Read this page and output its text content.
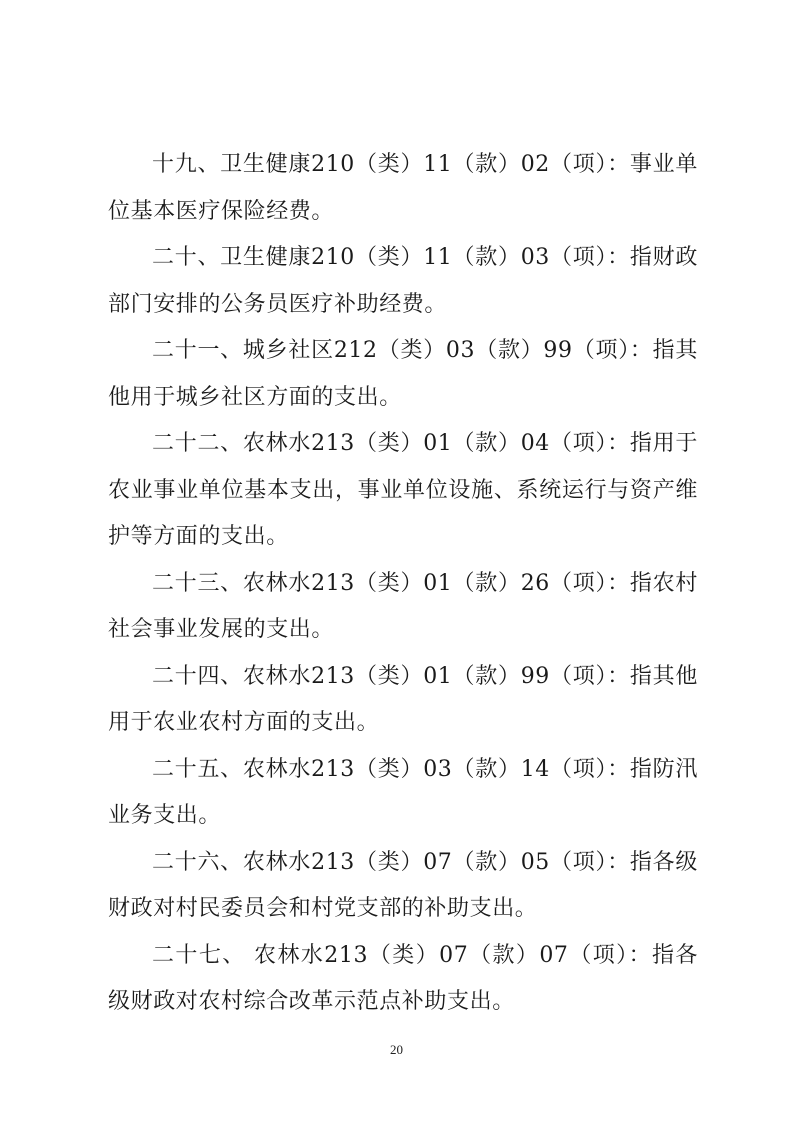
十九、卫生健康210（类）11（款）02（项）：事业单位基本医疗保险经费。

二十、卫生健康210（类）11（款）03（项）：指财政部门安排的公务员医疗补助经费。

二十一、城乡社区212（类）03（款）99（项）：指其他用于城乡社区方面的支出。

二十二、农林水213（类）01（款）04（项）：指用于农业事业单位基本支出，事业单位设施、系统运行与资产维护等方面的支出。

二十三、农林水213（类）01（款）26（项）：指农村社会事业发展的支出。

二十四、农林水213（类）01（款）99（项）：指其他用于农业农村方面的支出。

二十五、农林水213（类）03（款）14（项）：指防汛业务支出。

二十六、农林水213（类）07（款）05（项）：指各级财政对村民委员会和村党支部的补助支出。

二十七、 农林水213（类）07（款）07（项）：指各级财政对农村综合改革示范点补助支出。

20
